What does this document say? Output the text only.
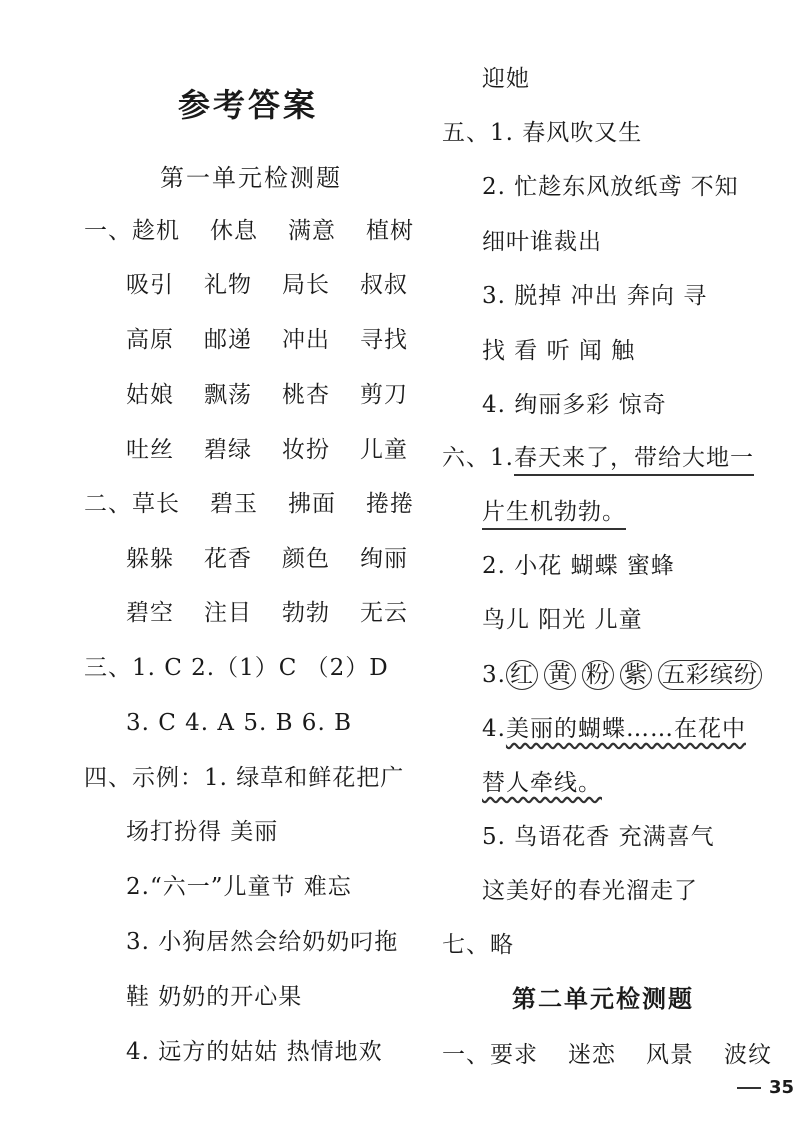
参考答案
第一单元检测题
一、趁机 休息 满意 植树
吸引 礼物 局长 叔叔
高原 邮递 冲出 寻找
姑娘 飘荡 桃杏 剪刀
吐丝 碧绿 妆扮 儿童
二、草长 碧玉 拂面 捲捲
躲躲 花香 颜色 绚丽
碧空 注目 勃勃 无云
三、1. C 2.（1）C （2）D
3. C 4. A 5. B 6. B
四、示例：1. 绿草和鲜花把广
场打扮得 美丽
2.“六一”儿童节 难忘
3. 小狗居然会给奶奶叼拖
鞋 奶奶的开心果
4. 远方的姑姑 热情地欢
迎她
五、1. 春风吹又生
2. 忙趁东风放纸鸢 不知
细叶谁裁出
3. 脱掉 冲出 奔向 寻
找 看 听 闻 触
4. 绚丽多彩 惊奇
六、1.春天来了，带给大地一
片生机勃勃。
2. 小花 蝴蝶 蜜蜂
鸟儿 阳光 儿童
3. 红 黄 粉 紫 五彩缤纷
4.美丽的蝴蝶……在花中
替人牵线。
5. 鸟语花香 充满喜气
这美好的春光溜走了
七、略
第二单元检测题
一、要求 迷恋 风景 波纹
35
